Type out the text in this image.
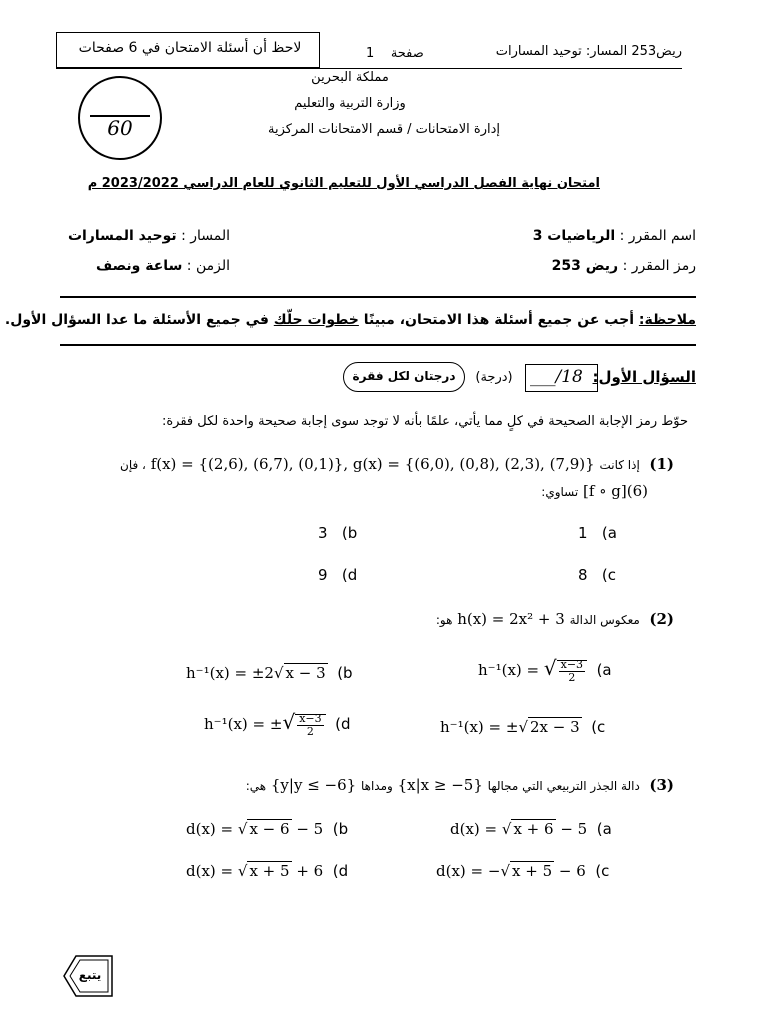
لاحظ أن أسئلة الامتحان في 6 صفحات	صفحة    1	ريض253 المسار: توحيد المسارات
مملكة البحرين
وزارة التربية والتعليم
إدارة الامتحانات / قسم الامتحانات المركزية
60
امتحان نهاية الفصل الدراسي الأول للتعليم الثانوي للعام الدراسي 2023/2022 م
اسم المقرر : الرياضيات 3
المسار : توحيد المسارات
رمز المقرر : ريض 253
الزمن : ساعة ونصف
ملاحظة: أجب عن جميع أسئلة هذا الامتحان، مبينًا خطوات حلّك في جميع الأسئلة ما عدا السؤال الأول.
السؤال الأول:
___/18
(درجة)
درجتان لكل فقرة
حوّط رمز الإجابة الصحيحة في كلٍ مما يأتي، علمًا بأنه لا توجد سوى إجابة صحيحة واحدة لكل فقرة:
(1)  إذا كانت f(x) = {(2,6), (6,7), (0,1)}, g(x) = {(6,0), (0,8), (2,3), (7,9)} ، فإن
[f ∘ g](6) تساوي:
1 (a
3 (b
8 (c
9 (d
(2)  معكوس الدالة h(x) = 2x² + 3 هو:
h⁻¹(x) = √ $\frac{x-3}{2} (a$
h⁻¹(x) = ±2√ x − 3 (b
h⁻¹(x) = ±√ 2x − 3 (c
h⁻¹(x) = ±√ $\frac{x-3}{2} (d$
(3)  دالة الجذر التربيعي التي مجالها {x|x ≥ −5} ومداها {y|y ≤ −6} هي:
d(x) = √ x + 6 − 5 (a
d(x) = √ x − 6 − 5 (b
d(x) = −√ x + 5 − 6 (c
d(x) = √ x + 5 + 6 (d
يتبع
